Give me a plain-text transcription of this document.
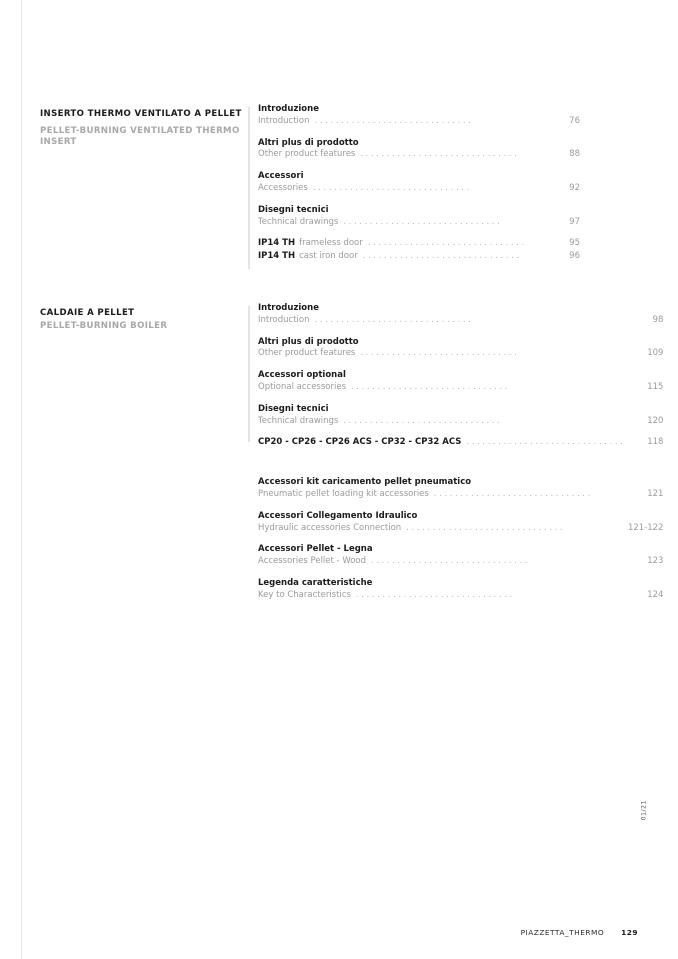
INSERTO THERMO VENTILATO A PELLET
PELLET-BURNING VENTILATED THERMO INSERT
Introduzione
Introduction ..............................	76
Altri plus di prodotto
Other product features ..............................	88
Accessori
Accessories ..............................	92
Disegni tecnici
Technical drawings ..............................	97
IP14 TH frameless door ..............................	95
IP14 TH cast iron door ..............................	96
CALDAIE A PELLET
PELLET-BURNING BOILER
Introduzione
Introduction ..............................	98
Altri plus di prodotto
Other product features ..............................	109
Accessori optional
Optional accessories ..............................	115
Disegni tecnici
Technical drawings ..............................	120
CP20 - CP26 - CP26 ACS - CP32 - CP32 ACS ..............................	118
Accessori kit caricamento pellet pneumatico
Pneumatic pellet loading kit accessories ..............................	121
Accessori Collegamento Idraulico
Hydraulic accessories Connection ..............................	121-122
Accessori Pellet - Legna
Accessories Pellet - Wood ..............................	123
Legenda caratteristiche
Key to Characteristics ..............................	124
01/21
PIAZZETTA_THERMO 129
